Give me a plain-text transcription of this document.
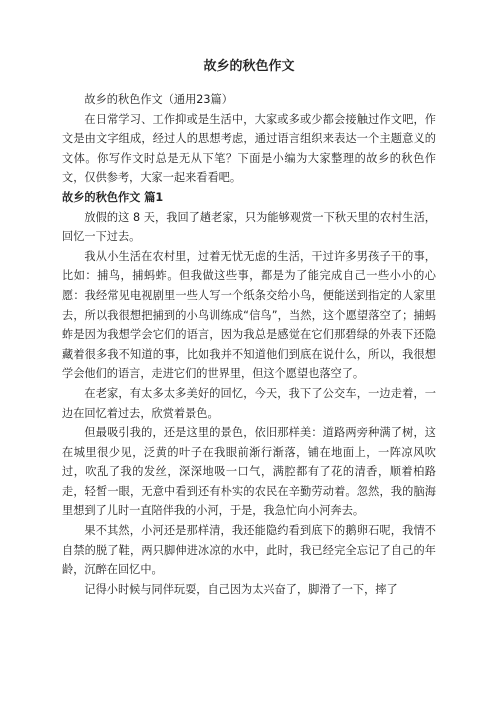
故乡的秋色作文

故乡的秋色作文（通用23篇）

在日常学习、工作抑或是生活中，大家或多或少都会接触过作文吧，作文是由文字组成，经过人的思想考虑，通过语言组织来表达一个主题意义的文体。你写作文时总是无从下笔？下面是小编为大家整理的故乡的秋色作文，仅供参考，大家一起来看看吧。

故乡的秋色作文 篇1

放假的这 8 天，我回了趟老家，只为能够观赏一下秋天里的农村生活，回忆一下过去。

我从小生活在农村里，过着无忧无虑的生活，干过许多男孩子干的事，比如：捕鸟，捕蚂蚱。但我做这些事，都是为了能完成自己一些小小的心愿：我经常见电视剧里一些人写一个纸条交给小鸟，便能送到指定的人家里去，所以我很想把捕到的小鸟训练成“信鸟”，当然，这个愿望落空了；捕蚂蚱是因为我想学会它们的语言，因为我总是感觉在它们那碧绿的外表下还隐藏着很多我不知道的事，比如我并不知道他们到底在说什么，所以，我很想学会他们的语言，走进它们的世界里，但这个愿望也落空了。

在老家，有太多太多美好的回忆，今天，我下了公交车，一边走着，一边在回忆着过去，欣赏着景色。

但最吸引我的，还是这里的景色，依旧那样美：道路两旁种满了树，这在城里很少见，泛黄的叶子在我眼前渐行渐落，铺在地面上，一阵凉风吹过，吹乱了我的发丝，深深地吸一口气，满腔都有了花的清香，顺着柏路走，轻皙一眼，无意中看到还有朴实的农民在辛勤劳动着。忽然，我的脑海里想到了儿时一直陪伴我的小河，于是，我急忙向小河奔去。

果不其然，小河还是那样清，我还能隐约看到底下的鹅卵石呢，我情不自禁的脱了鞋，两只脚伸进冰凉的水中，此时，我已经完全忘记了自己的年龄，沉醉在回忆中。

记得小时候与同伴玩耍，自己因为太兴奋了，脚滑了一下，摔了
